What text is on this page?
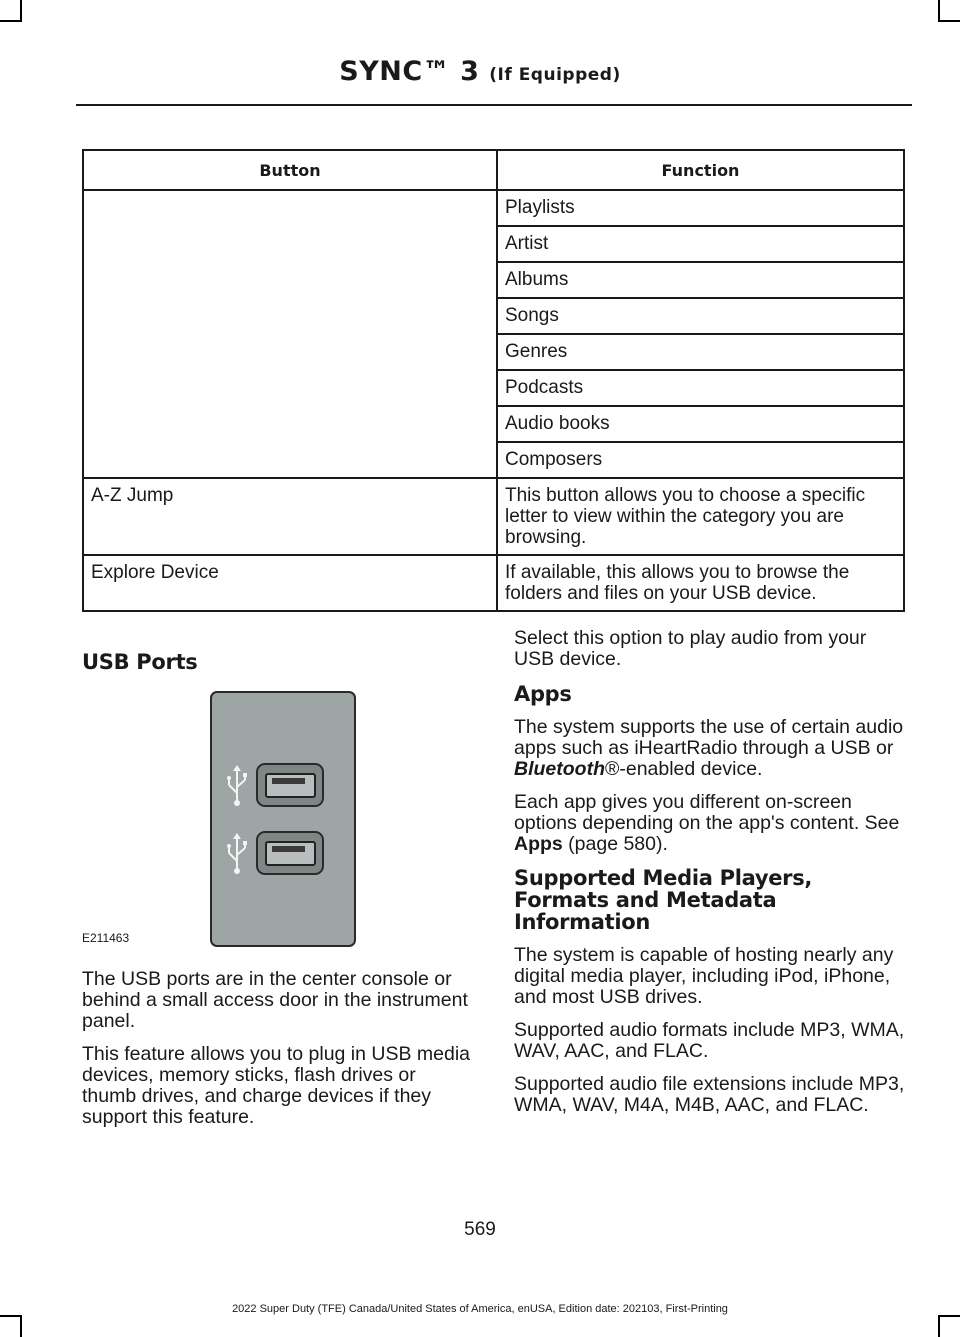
SYNC™ 3 (If Equipped)
Button	Function
	Playlists
	Artist
	Albums
	Songs
	Genres
	Podcasts
	Audio books
	Composers
A-Z Jump	This button allows you to choose a specific letter to view within the category you are browsing.
Explore Device	If available, this allows you to browse the folders and files on your USB device.
USB Ports
E211463

The USB ports are in the center console or behind a small access door in the instrument panel.

This feature allows you to plug in USB media devices, memory sticks, flash drives or thumb drives, and charge devices if they support this feature.

Select this option to play audio from your USB device.

Apps

The system supports the use of certain audio apps such as iHeartRadio through a USB or Bluetooth®-enabled device.

Each app gives you different on-screen options depending on the app's content. See Apps (page 580).

Supported Media Players, Formats and Metadata Information

The system is capable of hosting nearly any digital media player, including iPod, iPhone, and most USB drives.

Supported audio formats include MP3, WMA, WAV, AAC, and FLAC.

Supported audio file extensions include MP3, WMA, WAV, M4A, M4B, AAC, and FLAC.

569
2022 Super Duty (TFE) Canada/United States of America, enUSA, Edition date: 202103, First-Printing
